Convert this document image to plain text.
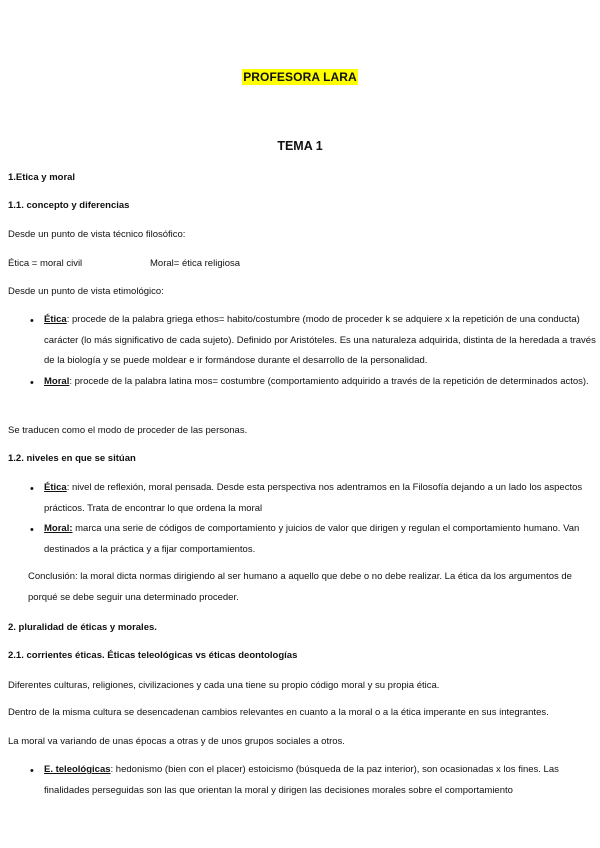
PROFESORA LARA
TEMA 1
1.Etica y moral
1.1. concepto y diferencias
Desde un punto de vista técnico filosófico:
Ética = moral civil	Moral= ética religiosa
Desde un punto de vista etimológico:
• Ética: procede de la palabra griega ethos= habito/costumbre (modo de proceder k se adquiere x la repetición de una conducta) carácter (lo más significativo de cada sujeto). Definido por Aristóteles. Es una naturaleza adquirida, distinta de la heredada a través de la biología y se puede moldear e ir formándose durante el desarrollo de la personalidad.
• Moral: procede de la palabra latina mos= costumbre (comportamiento adquirido a través de la repetición de determinados actos).
Se traducen como el modo de proceder de las personas.
1.2. niveles en que se sitúan
• Ética: nivel de reflexión, moral pensada. Desde esta perspectiva nos adentramos en la Filosofía dejando a un lado los aspectos prácticos. Trata de encontrar lo que ordena la moral
• Moral: marca una serie de códigos de comportamiento y juicios de valor que dirigen y regulan el comportamiento humano. Van destinados a la práctica y a fijar comportamientos.
Conclusión: la moral dicta normas dirigiendo al ser humano a aquello que debe o no debe realizar. La ética da los argumentos de porqué se debe seguir una determinado proceder.
2. pluralidad de éticas y morales.
2.1. corrientes éticas. Éticas teleológicas vs éticas deontologías
Diferentes culturas, religiones, civilizaciones y cada una tiene su propio código moral y su propia ética.
Dentro de la misma cultura se desencadenan cambios relevantes en cuanto a la moral o a la ética imperante en sus integrantes.
La moral va variando de unas épocas a otras y de unos grupos sociales a otros.
• E. teleológicas: hedonismo (bien con el placer) estoicismo (búsqueda de la paz interior), son ocasionadas x los fines. Las finalidades perseguidas son las que orientan la moral y dirigen las decisiones morales sobre el comportamiento
